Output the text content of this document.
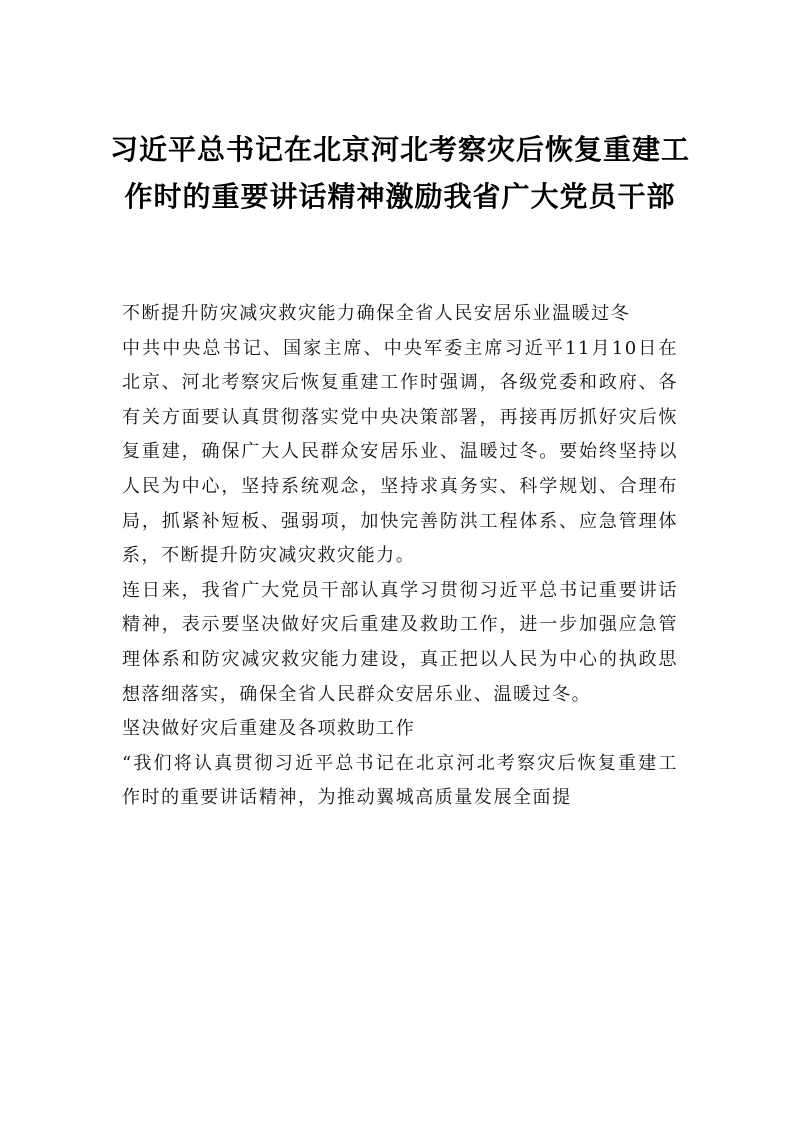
习近平总书记在北京河北考察灾后恢复重建工作时的重要讲话精神激励我省广大党员干部

不断提升防灾减灾救灾能力确保全省人民安居乐业温暖过冬

中共中央总书记、国家主席、中央军委主席习近平11月10日在北京、河北考察灾后恢复重建工作时强调，各级党委和政府、各有关方面要认真贯彻落实党中央决策部署，再接再厉抓好灾后恢复重建，确保广大人民群众安居乐业、温暖过冬。要始终坚持以人民为中心，坚持系统观念，坚持求真务实、科学规划、合理布局，抓紧补短板、强弱项，加快完善防洪工程体系、应急管理体系，不断提升防灾减灾救灾能力。

连日来，我省广大党员干部认真学习贯彻习近平总书记重要讲话精神，表示要坚决做好灾后重建及救助工作，进一步加强应急管理体系和防灾减灾救灾能力建设，真正把以人民为中心的执政思想落细落实，确保全省人民群众安居乐业、温暖过冬。

坚决做好灾后重建及各项救助工作

“我们将认真贯彻习近平总书记在北京河北考察灾后恢复重建工作时的重要讲话精神，为推动翼城高质量发展全面提
